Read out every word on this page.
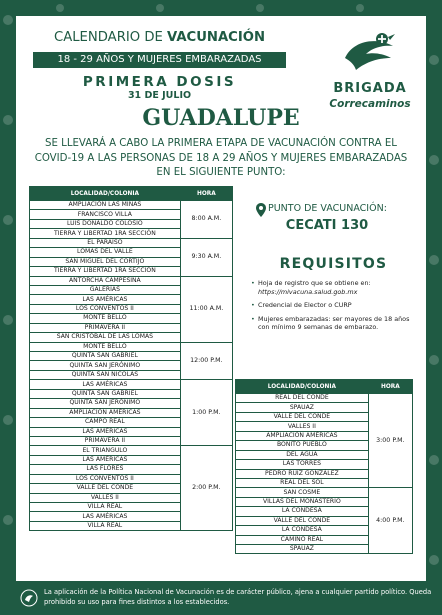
CALENDARIO DE VACUNACIÓN
18 - 29 AÑOS Y MUJERES EMBARAZADAS
PRIMERA DOSIS
31 DE JULIO	BRIGADA
Correcaminos
GUADALUPE
SE LLEVARÁ A CABO LA PRIMERA ETAPA DE VACUNACIÓN CONTRA EL COVID-19 A LAS PERSONAS DE 18 A 29 AÑOS Y MUJERES EMBARAZADAS EN EL SIGUIENTE PUNTO:
LOCALIDAD/COLONIA	HORA
AMPLIACIÓN LAS MINAS	8:00 A.M.
FRANCISCO VILLA	
LUIS DONALDO COLOSIO	
TIERRA Y LIBERTAD 1RA SECCIÓN	
EL PARAÍSO	9:30 A.M.
LOMAS DEL VALLE	
SAN MIGUEL DEL CORTIJO	
TIERRA Y LIBERTAD 1RA SECCIÓN	
ANTORCHA CAMPESINA	11:00 A.M.
GALERÍAS	
LAS AMÉRICAS	
LOS CONVENTOS II	
MONTE BELLO	
PRIMAVERA II	
SAN CRISTÓBAL DE LAS LOMAS	
MONTE BELLO	12:00 P.M.
QUINTA SAN GABRIEL	
QUINTA SAN JERÓNIMO	
QUINTA SAN NICOLÁS	
LAS AMÉRICAS	1:00 P.M.
QUINTA SAN GABRIEL	
QUINTA SAN JERÓNIMO	
AMPLIACIÓN AMÉRICAS	
CAMPO REAL	
LAS AMÉRICAS	
PRIMAVERA II	
EL TRIANGULO	2:00 P.M.
LAS AMÉRICAS	
LAS FLORES	
LOS CONVENTOS II	
VALLE DEL CONDE	
VALLES II	
VILLA REAL	
LAS AMÉRICAS	
VILLA REAL	
PUNTO DE VACUNACIÓN:
CECATI 130
REQUISITOS
• Hoja de registro que se obtiene en: https://mivacuna.salud.gob.mx
• Credencial de Elector o CURP
• Mujeres embarazadas: ser mayores de 18 años con mínimo 9 semanas de embarazo.
LOCALIDAD/COLONIA	HORA
REAL DEL CONDE	3:00 P.M.
SPAUAZ	
VALLE DEL CONDE	
VALLES II	
AMPLIACIÓN AMÉRICAS	
BONITO PUEBLO	
DEL AGUA	
LAS TORRES	
PEDRO RUIZ GONZÁLEZ	
REAL DEL SOL	
SAN COSME	4:00 P.M.
VILLAS DEL MONASTERIO	
LA CONDESA	
VALLE DEL CONDE	
LA CONDESA	
CAMINO REAL	
SPAUAZ	
La aplicación de la Política Nacional de Vacunación es de carácter público, ajena a cualquier partido político. Queda prohibido su uso para fines distintos a los establecidos.
